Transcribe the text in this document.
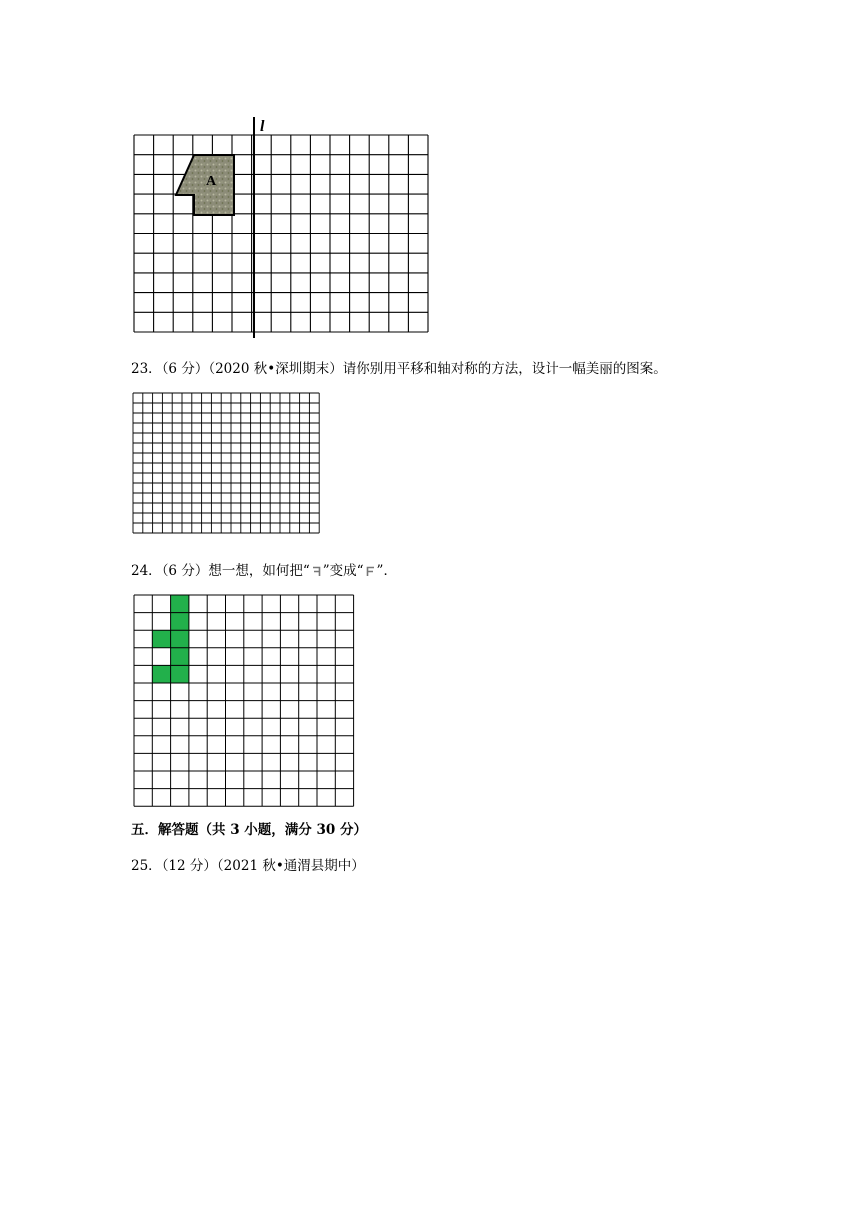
A
l
23．（6 分）（2020 秋•深圳期末）请你别用平移和轴对称的方法，设计一幅美丽的图案。
24．（6 分）想一想，如何把“ ”变成“ ”．
五．解答题（共 3 小题，满分 30 分）
25．（12 分）（2021 秋•通渭县期中）
